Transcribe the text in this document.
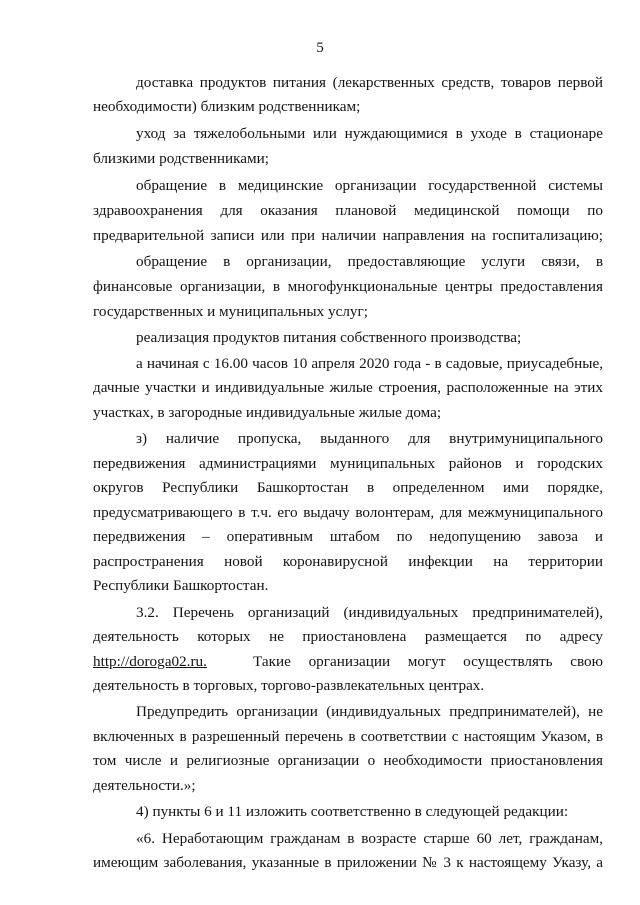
5
доставка продуктов питания (лекарственных средств, товаров первой
необходимости) близким родственникам;
уход за тяжелобольными или нуждающимися в уходе в стационаре
близкими родственниками;
обращение в медицинские организации государственной системы
здравоохранения для оказания плановой медицинской помощи по
предварительной записи или при наличии направления на госпитализацию;
обращение в организации, предоставляющие услуги связи, в
финансовые организации, в многофункциональные центры предоставления
государственных и муниципальных услуг;
реализация продуктов питания собственного производства;
а начиная с 16.00 часов 10 апреля 2020 года - в садовые, приусадебные,
дачные участки и индивидуальные жилые строения, расположенные на этих
участках, в загородные индивидуальные жилые дома;
з) наличие пропуска, выданного для внутримуниципального
передвижения администрациями муниципальных районов и городских
округов Республики Башкортостан в определенном ими порядке,
предусматривающего в т.ч. его выдачу волонтерам, для межмуниципального
передвижения – оперативным штабом по недопущению завоза и
распространения новой коронавирусной инфекции на территории
Республики Башкортостан.
3.2. Перечень организаций (индивидуальных предпринимателей),
деятельность которых не приостановлена размещается по адресу
http://doroga02.ru.	Такие организации могут осуществлять свою
деятельность в торговых, торгово-развлекательных центрах.
Предупредить организации (индивидуальных предпринимателей), не
включенных в разрешенный перечень в соответствии с настоящим Указом, в
том числе и религиозные организации о необходимости приостановления
деятельности.»;
4) пункты 6 и 11 изложить соответственно в следующей редакции:
«6. Неработающим гражданам в возрасте старше 60 лет, гражданам,
имеющим заболевания, указанные в приложении № 3 к настоящему Указу, а
